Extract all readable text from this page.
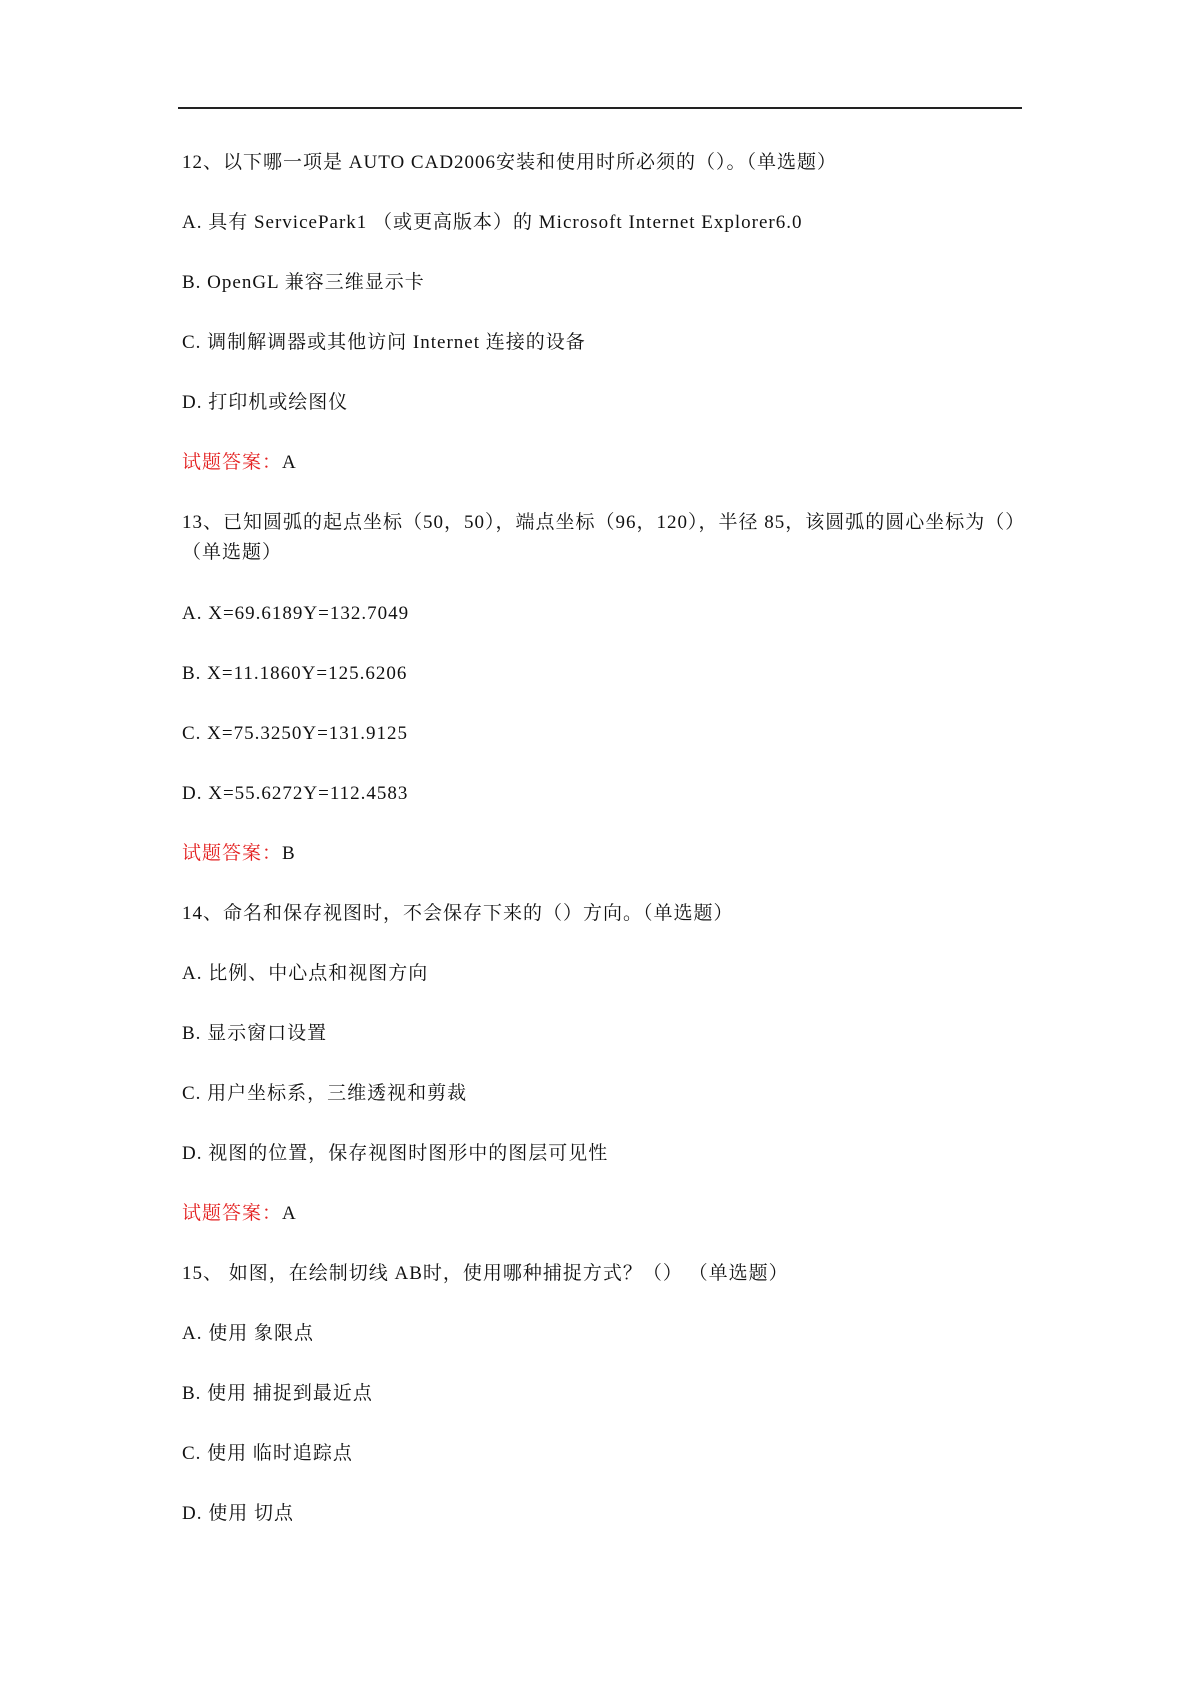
12、以下哪一项是 AUTO CAD2006安装和使用时所必须的（）。（单选题）
A. 具有 ServicePark1 （或更高版本）的 Microsoft Internet Explorer6.0
B. OpenGL 兼容三维显示卡
C. 调制解调器或其他访问 Internet 连接的设备
D. 打印机或绘图仪
试题答案：A
13、已知圆弧的起点坐标（50，50），端点坐标（96，120），半径 85，该圆弧的圆心坐标为（）（单选题）
A. X=69.6189Y=132.7049
B. X=11.1860Y=125.6206
C. X=75.3250Y=131.9125
D. X=55.6272Y=112.4583
试题答案：B
14、命名和保存视图时，不会保存下来的（）方向。（单选题）
A. 比例、中心点和视图方向
B. 显示窗口设置
C. 用户坐标系，三维透视和剪裁
D. 视图的位置，保存视图时图形中的图层可见性
试题答案：A
15、 如图，在绘制切线 AB时，使用哪种捕捉方式？（） （单选题）
A. 使用 象限点
B. 使用 捕捉到最近点
C. 使用 临时追踪点
D. 使用 切点
